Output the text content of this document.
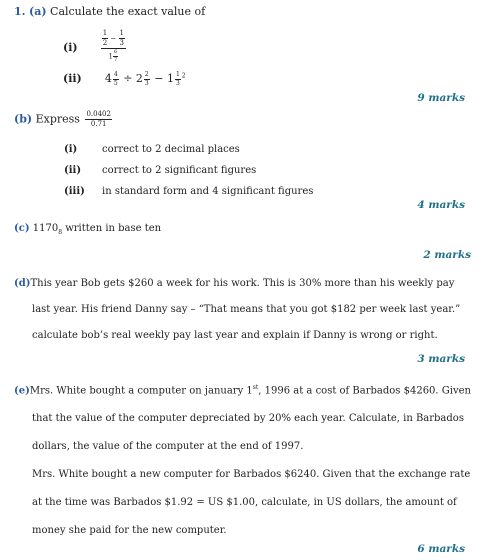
1. (a) Calculate the exact value of
(i)	$\frac{\frac{1}{2} - \frac{1}{3}}{1 \frac{6}{7}}$
(ii) $4 \frac{4}{5} \div 2 \frac{2}{3} - 1 \frac{1}{3} ^2$
9 marks
(b) Express $\frac{0.0402}{0.71}$
(i) correct to 2 decimal places
(ii) correct to 2 significant figures
(iii) in standard form and 4 significant figures
4 marks
(c) $1170_8$ written in base ten
2 marks
(d)This year Bob gets $260 a week for his work. This is 30% more than his weekly pay
last year. His friend Danny say – “That means that you got $182 per week last year.”
calculate bob’s real weekly pay last year and explain if Danny is wrong or right.
3 marks
(e)Mrs. White bought a computer on january 1st, 1996 at a cost of Barbados $4260. Given
that the value of the computer depreciated by 20% each year. Calculate, in Barbados
dollars, the value of the computer at the end of 1997.
Mrs. White bought a new computer for Barbados $6240. Given that the exchange rate
at the time was Barbados $1.92 = US $1.00, calculate, in US dollars, the amount of
money she paid for the new computer.
6 marks
